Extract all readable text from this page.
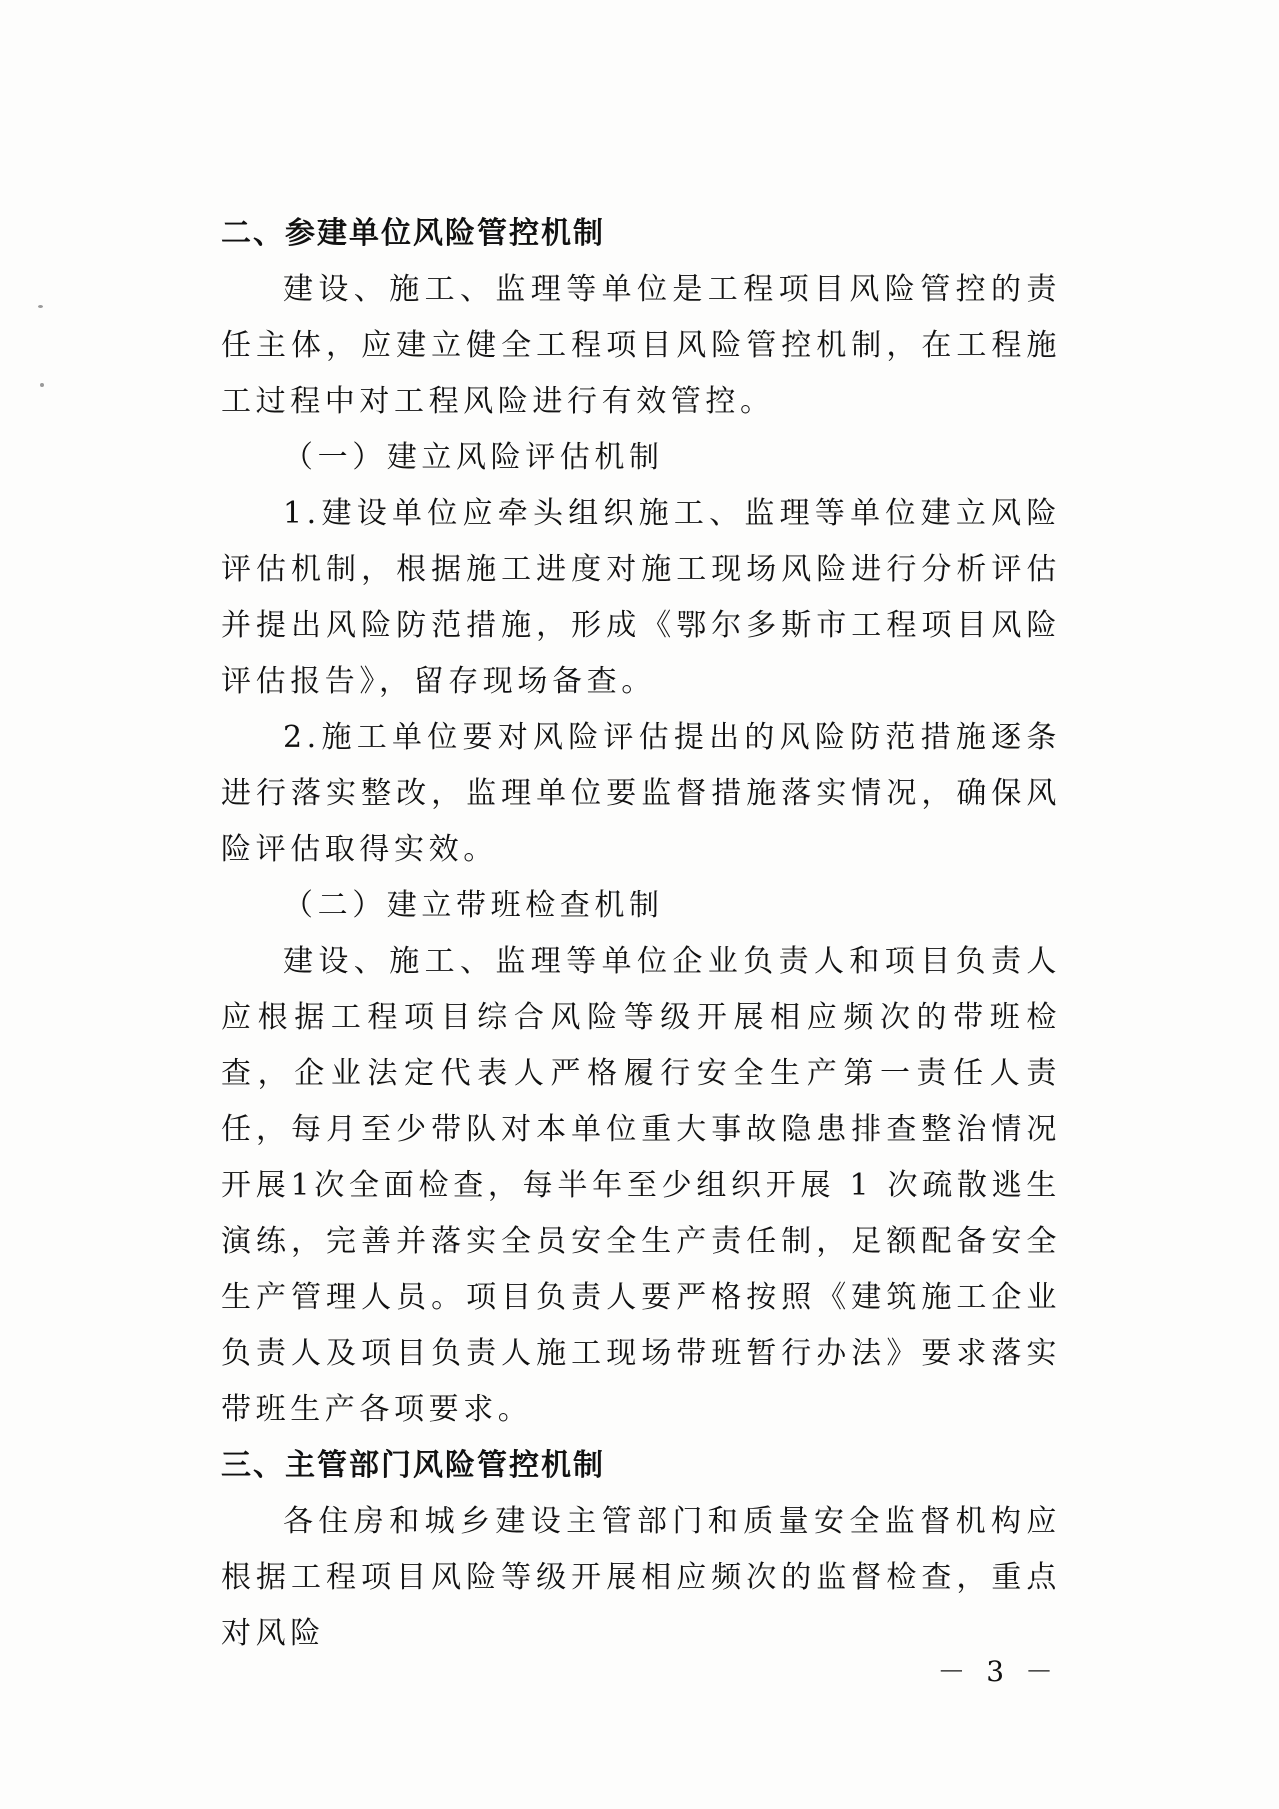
二、参建单位风险管控机制

建设、施工、监理等单位是工程项目风险管控的责任主体，应建立健全工程项目风险管控机制，在工程施工过程中对工程风险进行有效管控。

（一）建立风险评估机制

1.建设单位应牵头组织施工、监理等单位建立风险评估机制，根据施工进度对施工现场风险进行分析评估并提出风险防范措施，形成《鄂尔多斯市工程项目风险评估报告》，留存现场备查。

2.施工单位要对风险评估提出的风险防范措施逐条进行落实整改，监理单位要监督措施落实情况，确保风险评估取得实效。

（二）建立带班检查机制

建设、施工、监理等单位企业负责人和项目负责人应根据工程项目综合风险等级开展相应频次的带班检查，企业法定代表人严格履行安全生产第一责任人责任，每月至少带队对本单位重大事故隐患排查整治情况开展1次全面检查，每半年至少组织开展 1 次疏散逃生演练，完善并落实全员安全生产责任制，足额配备安全生产管理人员。项目负责人要严格按照《建筑施工企业负责人及项目负责人施工现场带班暂行办法》要求落实带班生产各项要求。

三、主管部门风险管控机制

各住房和城乡建设主管部门和质量安全监督机构应根据工程项目风险等级开展相应频次的监督检查，重点对风险

－ 3 －
